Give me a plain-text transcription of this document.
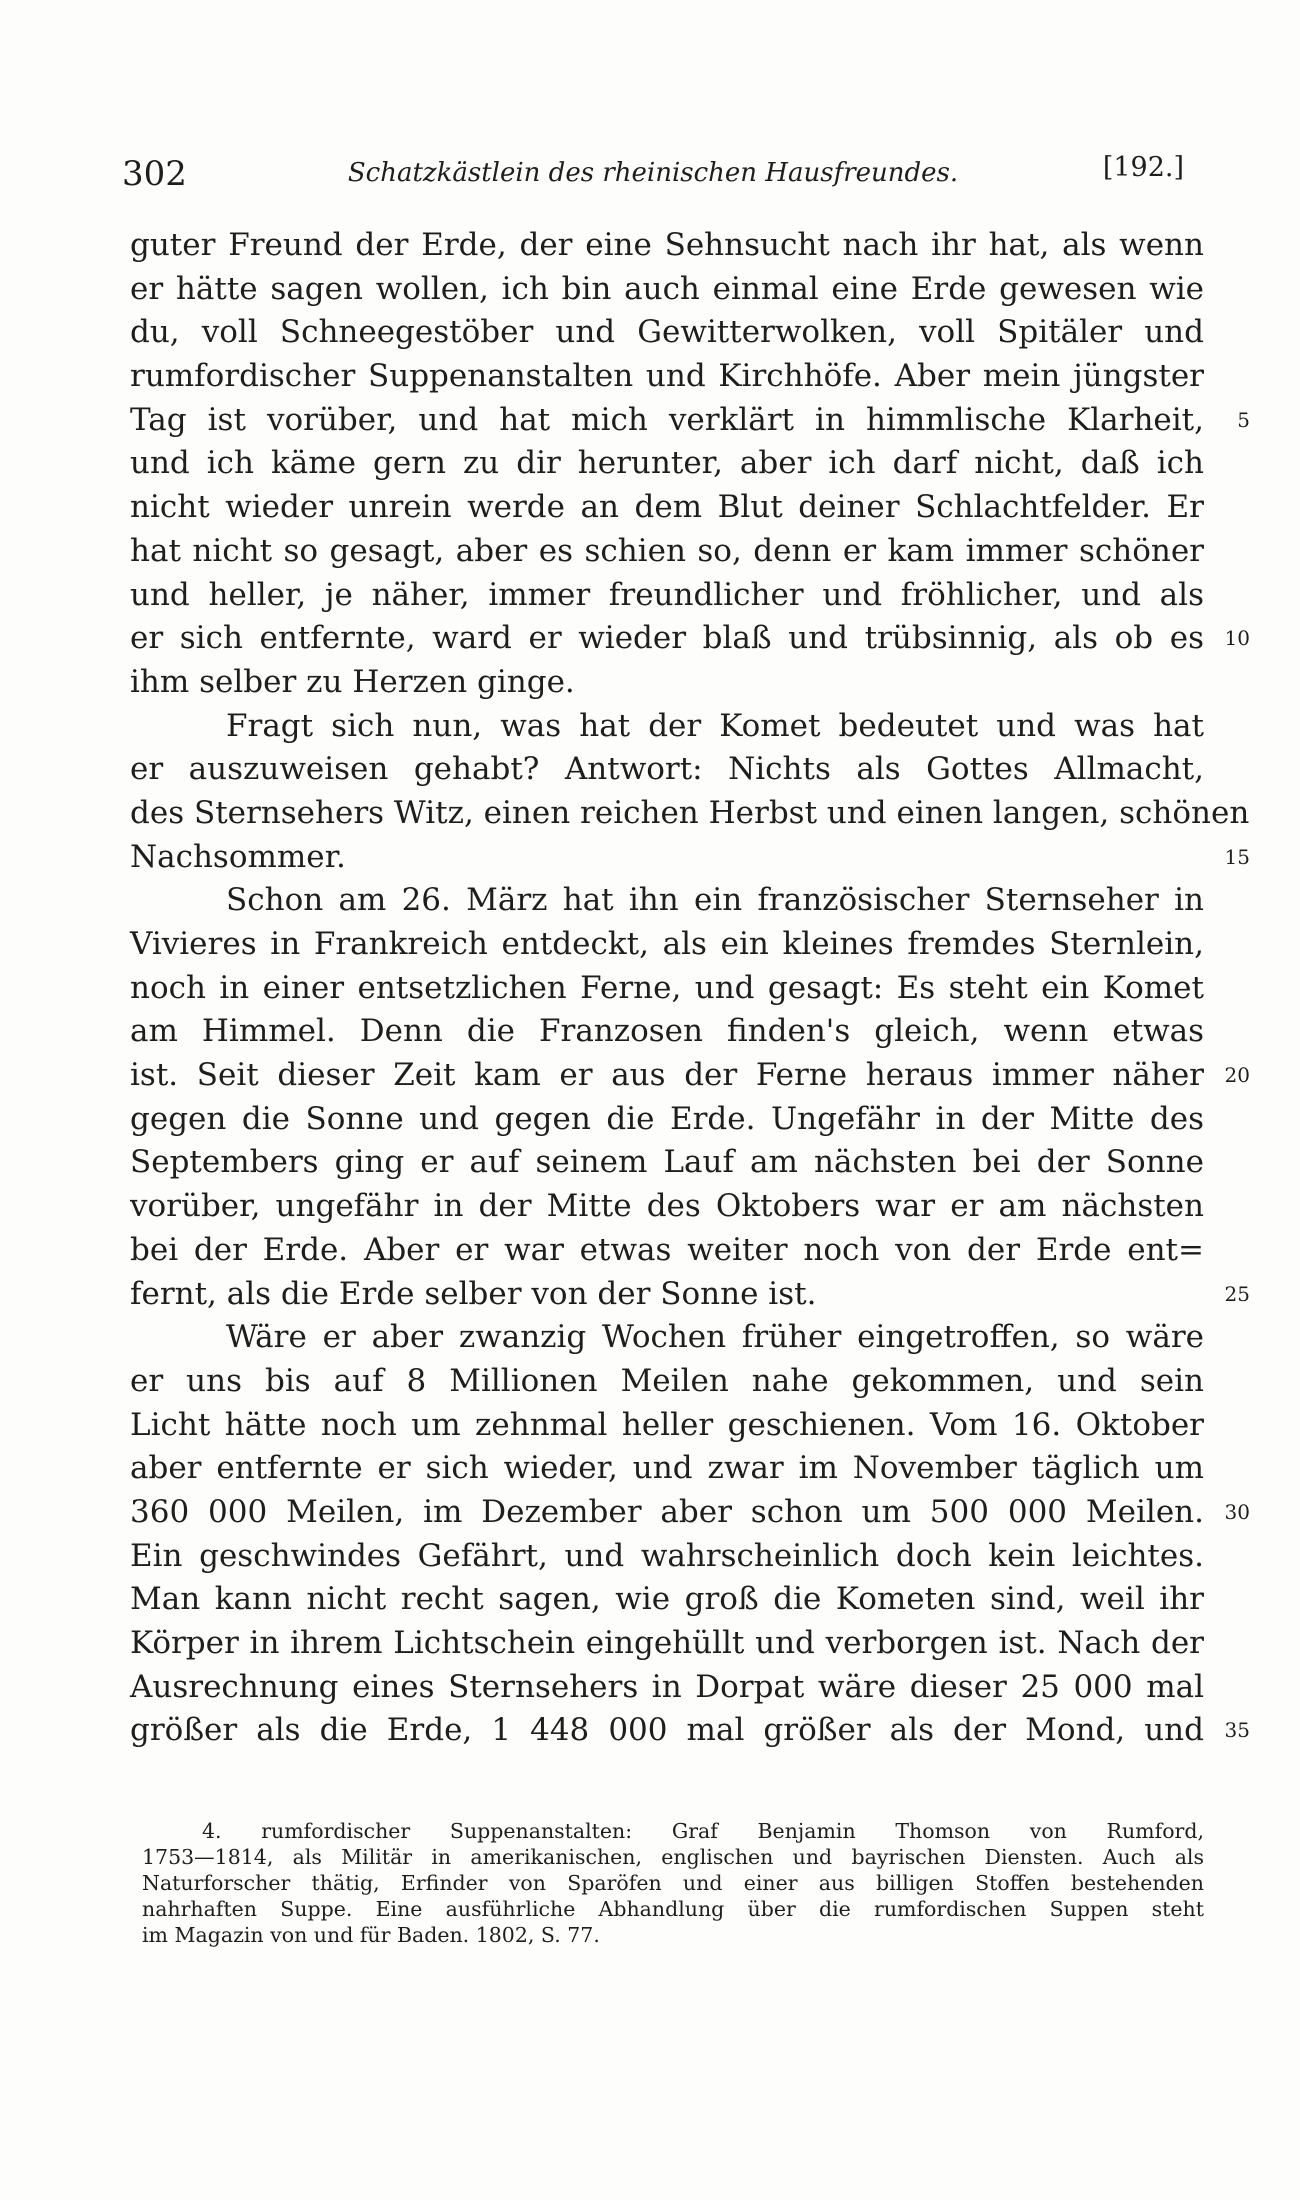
302	Schatzkästlein des rheinischen Hausfreundes.	[192.]
guter Freund der Erde, der eine Sehnsucht nach ihr hat, als wenn
er hätte sagen wollen, ich bin auch einmal eine Erde gewesen wie
du, voll Schneegestöber und Gewitterwolken, voll Spitäler und
rumfordischer Suppenanstalten und Kirchhöfe. Aber mein jüngster
Tag ist vorüber, und hat mich verklärt in himmlische Klarheit, 5
und ich käme gern zu dir herunter, aber ich darf nicht, daß ich
nicht wieder unrein werde an dem Blut deiner Schlachtfelder. Er
hat nicht so gesagt, aber es schien so, denn er kam immer schöner
und heller, je näher, immer freundlicher und fröhlicher, und als
er sich entfernte, ward er wieder blaß und trübsinnig, als ob es 10
ihm selber zu Herzen ginge.
Fragt sich nun, was hat der Komet bedeutet und was hat
er auszuweisen gehabt? Antwort: Nichts als Gottes Allmacht,
des Sternsehers Witz, einen reichen Herbst und einen langen, schönen
Nachsommer.	15
Schon am 26. März hat ihn ein französischer Sternseher in
Vivieres in Frankreich entdeckt, als ein kleines fremdes Sternlein,
noch in einer entsetzlichen Ferne, und gesagt: Es steht ein Komet
am Himmel. Denn die Franzosen finden's gleich, wenn etwas
ist. Seit dieser Zeit kam er aus der Ferne heraus immer näher 20
gegen die Sonne und gegen die Erde. Ungefähr in der Mitte des
Septembers ging er auf seinem Lauf am nächsten bei der Sonne
vorüber, ungefähr in der Mitte des Oktobers war er am nächsten
bei der Erde. Aber er war etwas weiter noch von der Erde ent=
fernt, als die Erde selber von der Sonne ist.	25
Wäre er aber zwanzig Wochen früher eingetroffen, so wäre
er uns bis auf 8 Millionen Meilen nahe gekommen, und sein
Licht hätte noch um zehnmal heller geschienen. Vom 16. Oktober
aber entfernte er sich wieder, und zwar im November täglich um
360 000 Meilen, im Dezember aber schon um 500 000 Meilen. 30
Ein geschwindes Gefährt, und wahrscheinlich doch kein leichtes.
Man kann nicht recht sagen, wie groß die Kometen sind, weil ihr
Körper in ihrem Lichtschein eingehüllt und verborgen ist. Nach der
Ausrechnung eines Sternsehers in Dorpat wäre dieser 25 000 mal
größer als die Erde, 1 448 000 mal größer als der Mond, und 35
4. rumfordischer Suppenanstalten: Graf Benjamin Thomson von Rumford,
1753—1814, als Militär in amerikanischen, englischen und bayrischen Diensten. Auch als
Naturforscher thätig, Erfinder von Sparöfen und einer aus billigen Stoffen bestehenden
nahrhaften Suppe. Eine ausführliche Abhandlung über die rumfordischen Suppen steht
im Magazin von und für Baden. 1802, S. 77.
